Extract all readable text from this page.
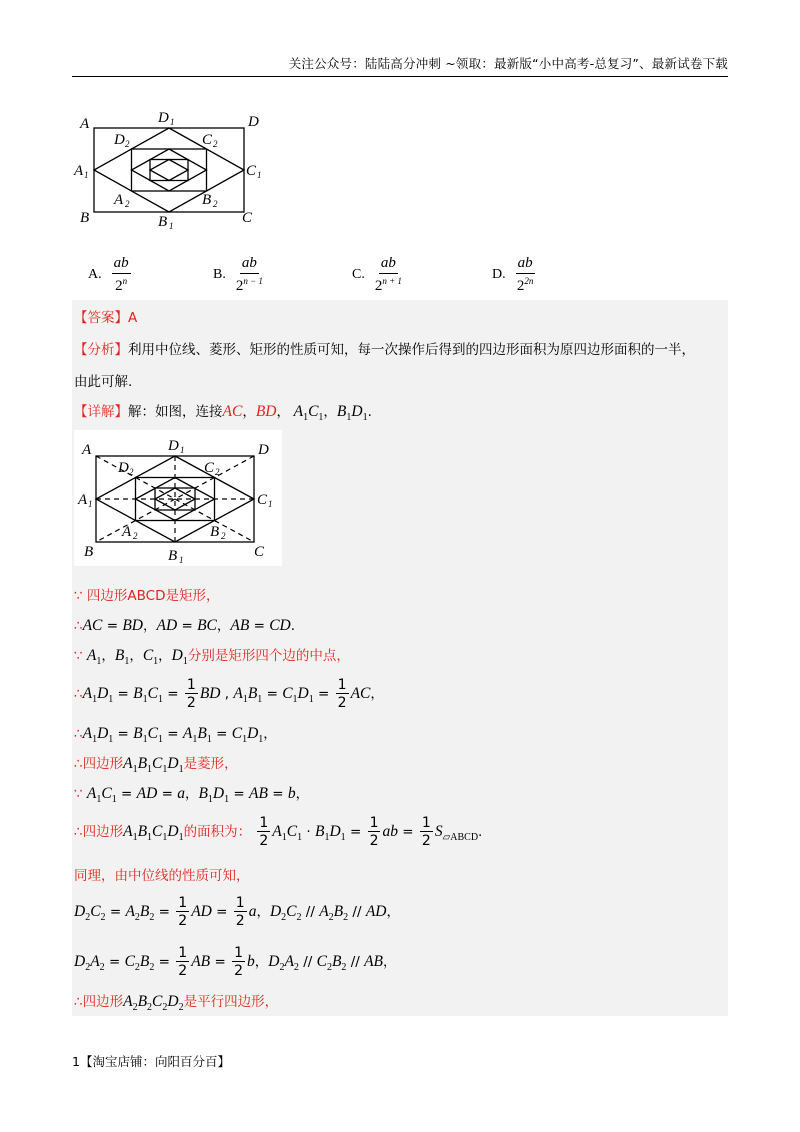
关注公众号：陆陆高分冲刺 ~领取：最新版“小中高考-总复习”、最新试卷下载
A	D 1	D
D 2	C 2
A 1	C 1
A 2	B 2
B	B 1	C
A. $\frac{ab}{2^n}$	B. $\frac{ab}{2^{n - 1}}$	C. $\frac{ab}{2^{n + 1}}$	D. $\frac{ab}{2^{2n}}$
【答案】A
【分析】利用中位线、菱形、矩形的性质可知，每一次操作后得到的四边形面积为原四边形面积的一半，
由此可解.
【详解】解：如图，连接AC，BD， $A_1C_1$，$B_1D_1$.
A	D 1	D
D 2	C 2
A 1	C 1
A 2	B 2
B	B 1	C
∵ 四边形ABCD是矩形，
∴AC = BD，AD = BC，AB = CD.
∵ $A_1$，$B_1$，$C_1$，$D_1$分别是矩形四个边的中点，
$\therefore A_1D_1 = B_1C_1 = \frac{1}{2}$ BD , $A_1B_1 = C_1D_1 = \frac{1}{2}$ AC，
$\therefore A_1D_1 = B_1C_1 = A_1B_1 = C_1D_1$，
∴四边形$A_1B_1C_1D_1$是菱形，
∵ $A_1C_1$ = AD = a，$B_1D_1$ = AB = b，
∴四边形$A_1B_1C_1D_1$的面积为： $\frac{1}{2} A_1C_1 \cdot B_1D_1 = \frac{1}{2}$ ab = $\frac{1}{2} S_{▱ABCD}$.
同理，由中位线的性质可知，
$D_2C_2 = A_2B_2 = \frac{1}{2}$ AD = $\frac{1}{2}$ a，$D_2C_2 // A_2B_2$ // AD，
$D_2A_2 = C_2B_2 = \frac{1}{2}$ AB = $\frac{1}{2}$ b，$D_2A_2 // C_2B_2$ // AB，
∴四边形$A_2B_2C_2D_2$是平行四边形，
1【淘宝店铺：向阳百分百】
